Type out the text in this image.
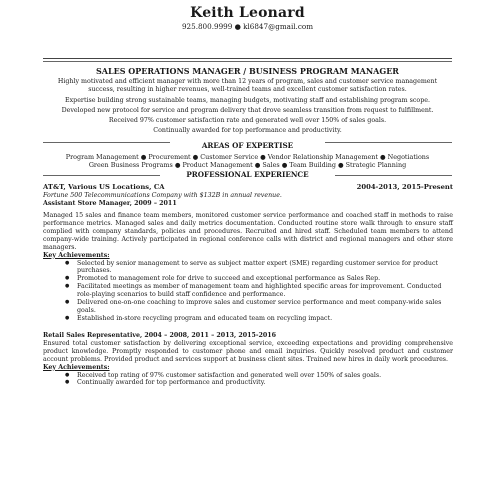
Keith Leonard
925.800.9999 ● kl6847@gmail.com
SALES OPERATIONS MANAGER / BUSINESS PROGRAM MANAGER
Highly motivated and efficient manager with more than 12 years of program, sales and customer service management
success, resulting in higher revenues, well-trained teams and excellent customer satisfaction rates.
Expertise building strong sustainable teams, managing budgets, motivating staff and establishing program scope.
Developed new protocol for service and program delivery that drove seamless transition from request to fulfillment.
Received 97% customer satisfaction rate and generated well over 150% of sales goals.
Continually awarded for top performance and productivity.
AREAS OF EXPERTISE
Program Management ● Procurement ● Customer Service ● Vendor Relationship Management ● Negotiations
Green Business Programs ● Product Management ● Sales ● Team Building ● Strategic Planning
PROFESSIONAL EXPERIENCE
AT&T, Various US Locations, CA	2004-2013, 2015-Present
Fortune 500 Telecommunications Company with $132B in annual revenue.
Assistant Store Manager, 2009 – 2011
Managed 15 sales and finance team members, monitored customer service performance and coached staff in methods to raise performance metrics. Managed sales and daily metrics documentation. Conducted routine store walk through to ensure staff complied with company standards, policies and procedures. Recruited and hired staff. Scheduled team members to attend company-wide training. Actively participated in regional conference calls with district and regional managers and other store managers.
Key Achievements:
● Selected by senior management to serve as subject matter expert (SME) regarding customer service for product purchases.
● Promoted to management role for drive to succeed and exceptional performance as Sales Rep.
● Facilitated meetings as member of management team and highlighted specific areas for improvement. Conducted role-playing scenarios to build staff confidence and performance.
● Delivered one-on-one coaching to improve sales and customer service performance and meet company-wide sales goals.
● Established in-store recycling program and educated team on recycling impact.
Retail Sales Representative, 2004 – 2008, 2011 – 2013, 2015-2016
Ensured total customer satisfaction by delivering exceptional service, exceeding expectations and providing comprehensive product knowledge. Promptly responded to customer phone and email inquiries. Quickly resolved product and customer account problems. Provided product and services support at business client sites. Trained new hires in daily work procedures.
Key Achievements:
● Received top rating of 97% customer satisfaction and generated well over 150% of sales goals.
● Continually awarded for top performance and productivity.
